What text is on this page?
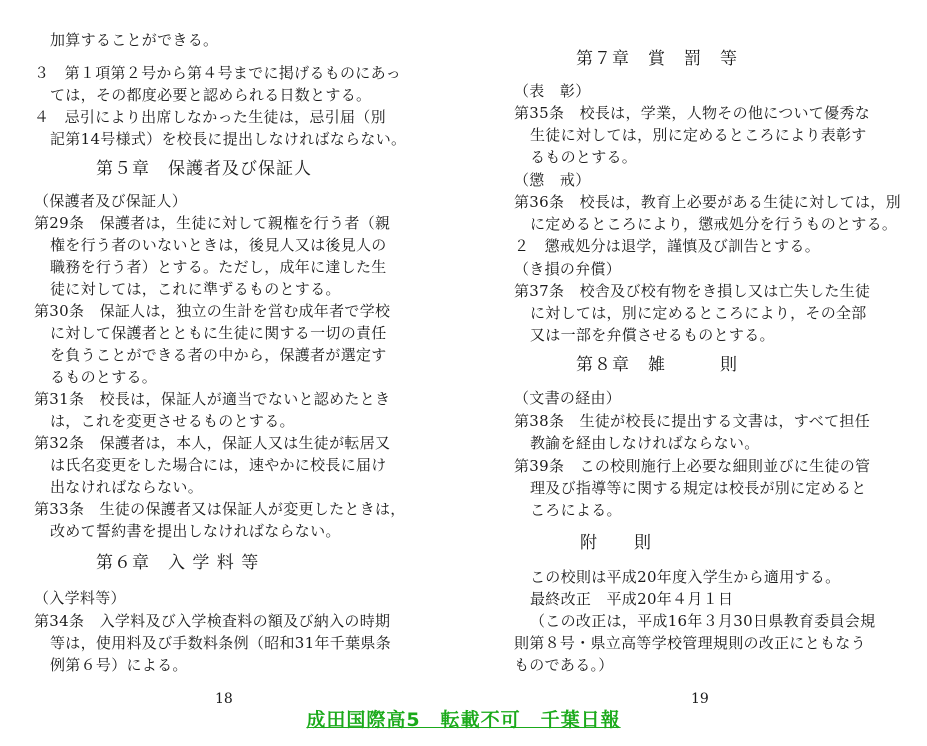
加算することができる。
３　第１項第２号から第４号までに掲げるものにあっ
ては，その都度必要と認められる日数とする。
４　忌引により出席しなかった生徒は，忌引届（別
記第14号様式）を校長に提出しなければならない。
第５章　保護者及び保証人
（保護者及び保証人）
第29条　保護者は，生徒に対して親権を行う者（親
権を行う者のいないときは，後見人又は後見人の
職務を行う者）とする。ただし，成年に達した生
徒に対しては，これに準ずるものとする。
第30条　保証人は，独立の生計を営む成年者で学校
に対して保護者とともに生徒に関する一切の責任
を負うことができる者の中から，保護者が選定す
るものとする。
第31条　校長は，保証人が適当でないと認めたとき
は，これを変更させるものとする。
第32条　保護者は，本人，保証人又は生徒が転居又
は氏名変更をした場合には，速やかに校長に届け
出なければならない。
第33条　生徒の保護者又は保証人が変更したときは，
改めて誓約書を提出しなければならない。
第６章　入 学 料 等
（入学料等）
第34条　入学料及び入学検査料の額及び納入の時期
等は，使用料及び手数料条例（昭和31年千葉県条
例第６号）による。
18
第７章　賞　罰　等
（表　彰）
第35条　校長は，学業，人物その他について優秀な
生徒に対しては，別に定めるところにより表彰す
るものとする。
（懲　戒）
第36条　校長は，教育上必要がある生徒に対しては，別
に定めるところにより，懲戒処分を行うものとする。
２　懲戒処分は退学，謹慎及び訓告とする。
（き損の弁償）
第37条　校舎及び校有物をき損し又は亡失した生徒
に対しては，別に定めるところにより，その全部
又は一部を弁償させるものとする。
第８章　雑　　　則
（文書の経由）
第38条　生徒が校長に提出する文書は，すべて担任
教諭を経由しなければならない。
第39条　この校則施行上必要な細則並びに生徒の管
理及び指導等に関する規定は校長が別に定めると
ころによる。
附　　則
この校則は平成20年度入学生から適用する。
最終改正　平成20年４月１日
（この改正は，平成16年３月30日県教育委員会規
則第８号・県立高等学校管理規則の改正にともなう
ものである。）
19
成田国際高5　転載不可　千葉日報
